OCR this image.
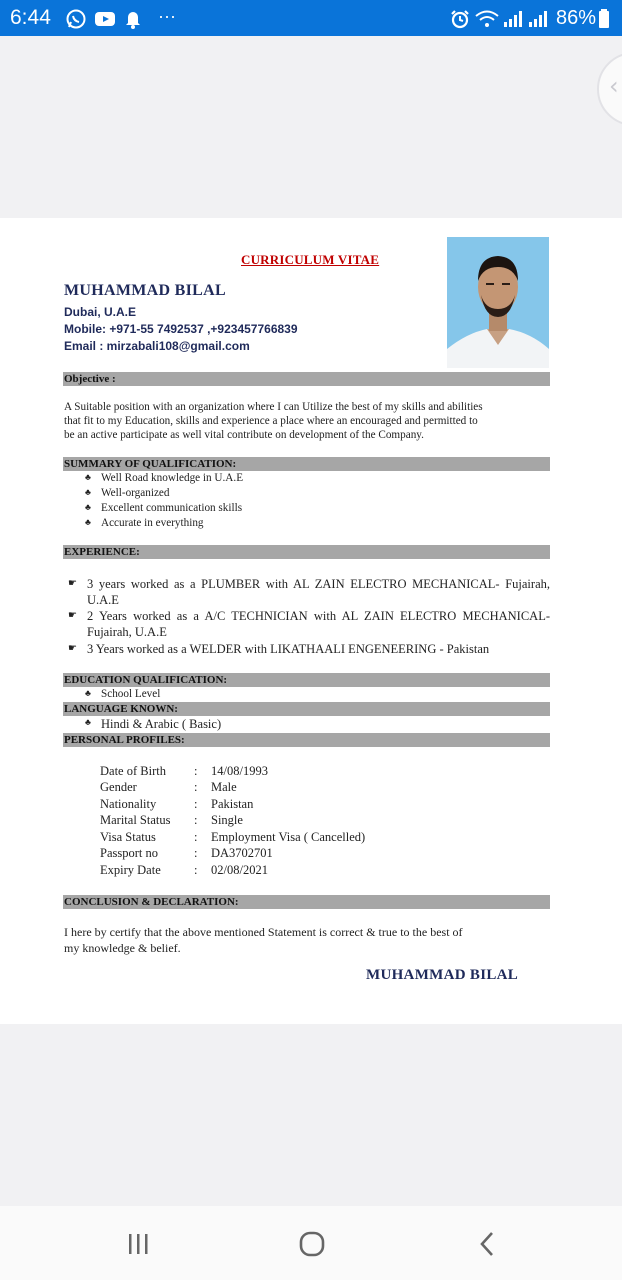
6:44	···	86%
‹
CURRICULUM VITAE
MUHAMMAD BILAL
Dubai, U.A.E
Mobile: +971-55 7492537 ,+923457766839
Email : mirzabali108@gmail.com
Objective :
A Suitable position with an organization where I can Utilize the best of my skills and abilities
that fit to my Education, skills and experience a place where an encouraged and permitted to
be an active participate as well vital contribute on development of the Company.
SUMMARY OF QUALIFICATION:
♣ Well Road knowledge in U.A.E
♣ Well-organized
♣ Excellent communication skills
♣ Accurate in everything
EXPERIENCE:
☛ 3 years worked as a PLUMBER with AL ZAIN ELECTRO MECHANICAL- Fujairah, U.A.E
☛ 2 Years worked as a A/C TECHNICIAN with AL ZAIN ELECTRO MECHANICAL- Fujairah, U.A.E
☛ 3 Years worked as a WELDER with LIKATHAALI ENGENEERING - Pakistan
EDUCATION QUALIFICATION:
♣ School Level
LANGUAGE KNOWN:
♣ Hindi & Arabic ( Basic)
PERSONAL PROFILES:
Date of Birth : 14/08/1993
Gender	: Male
Nationality	: Pakistan
Marital Status : Single
Visa Status	: Employment Visa ( Cancelled)
Passport no	: DA3702701
Expiry Date	: 02/08/2021
CONCLUSION & DECLARATION:
I here by certify that the above mentioned Statement is correct & true to the best of
my knowledge & belief.
MUHAMMAD BILAL
